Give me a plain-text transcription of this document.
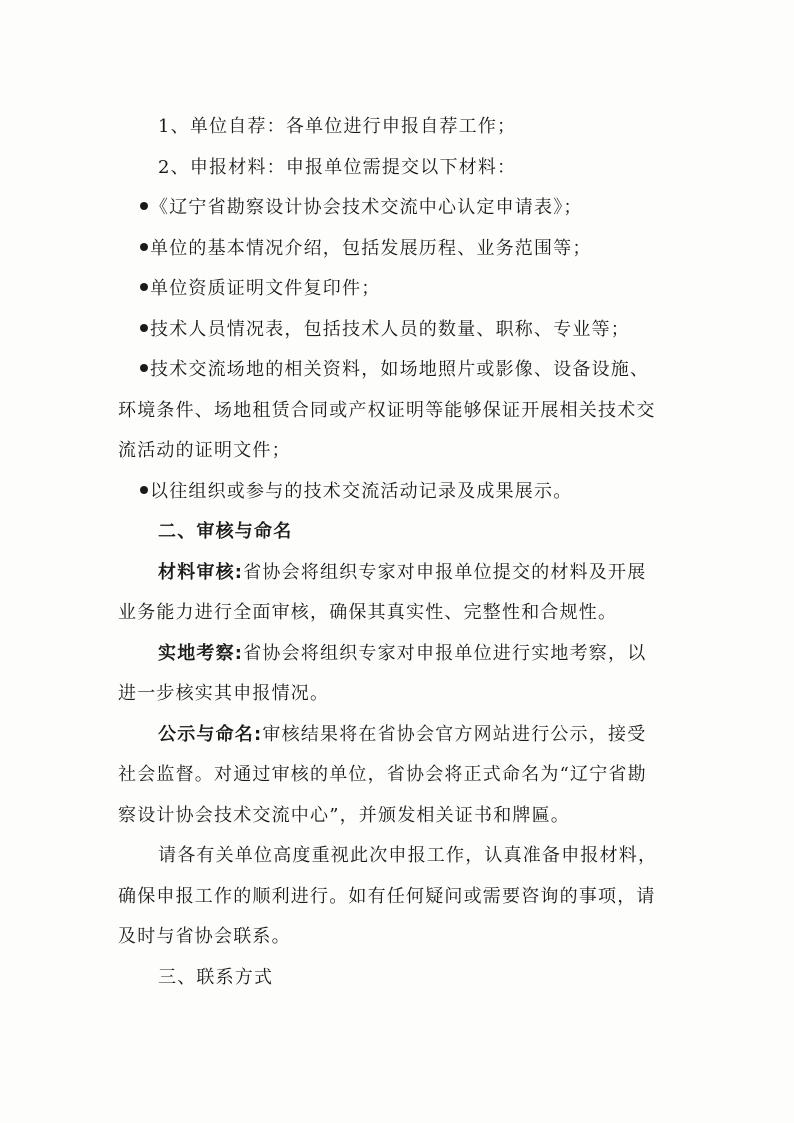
1、单位自荐：各单位进行申报自荐工作；
2、申报材料：申报单位需提交以下材料：
《辽宁省勘察设计协会技术交流中心认定申请表》；
单位的基本情况介绍，包括发展历程、业务范围等；
单位资质证明文件复印件；
技术人员情况表，包括技术人员的数量、职称、专业等；
技术交流场地的相关资料，如场地照片或影像、设备设施、
环境条件、场地租赁合同或产权证明等能够保证开展相关技术交
流活动的证明文件；
以往组织或参与的技术交流活动记录及成果展示。
二、审核与命名
材料审核:省协会将组织专家对申报单位提交的材料及开展
业务能力进行全面审核，确保其真实性、完整性和合规性。
实地考察:省协会将组织专家对申报单位进行实地考察，以
进一步核实其申报情况。
公示与命名:审核结果将在省协会官方网站进行公示，接受
社会监督。对通过审核的单位，省协会将正式命名为“辽宁省勘
察设计协会技术交流中心”，并颁发相关证书和牌匾。
请各有关单位高度重视此次申报工作，认真准备申报材料，
确保申报工作的顺利进行。如有任何疑问或需要咨询的事项，请
及时与省协会联系。
三、联系方式
